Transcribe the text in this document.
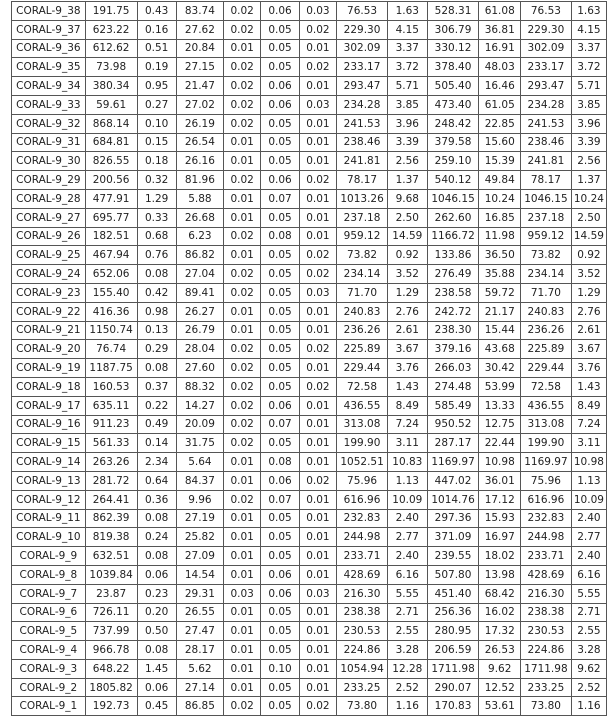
CORAL-9_38	191.75	0.43	83.74	0.02	0.06	0.03	76.53	1.63	528.31	61.08	76.53	1.63
CORAL-9_37	623.22	0.16	27.62	0.02	0.05	0.02	229.30	4.15	306.79	36.81	229.30	4.15
CORAL-9_36	612.62	0.51	20.84	0.01	0.05	0.01	302.09	3.37	330.12	16.91	302.09	3.37
CORAL-9_35	73.98	0.19	27.15	0.02	0.05	0.02	233.17	3.72	378.40	48.03	233.17	3.72
CORAL-9_34	380.34	0.95	21.47	0.02	0.06	0.01	293.47	5.71	505.40	16.46	293.47	5.71
CORAL-9_33	59.61	0.27	27.02	0.02	0.06	0.03	234.28	3.85	473.40	61.05	234.28	3.85
CORAL-9_32	868.14	0.10	26.19	0.02	0.05	0.01	241.53	3.96	248.42	22.85	241.53	3.96
CORAL-9_31	684.81	0.15	26.54	0.01	0.05	0.01	238.46	3.39	379.58	15.60	238.46	3.39
CORAL-9_30	826.55	0.18	26.16	0.01	0.05	0.01	241.81	2.56	259.10	15.39	241.81	2.56
CORAL-9_29	200.56	0.32	81.96	0.02	0.06	0.02	78.17	1.37	540.12	49.84	78.17	1.37
CORAL-9_28	477.91	1.29	5.88	0.01	0.07	0.01	1013.26	9.68	1046.15	10.24	1046.15	10.24
CORAL-9_27	695.77	0.33	26.68	0.01	0.05	0.01	237.18	2.50	262.60	16.85	237.18	2.50
CORAL-9_26	182.51	0.68	6.23	0.02	0.08	0.01	959.12	14.59	1166.72	11.98	959.12	14.59
CORAL-9_25	467.94	0.76	86.82	0.01	0.05	0.02	73.82	0.92	133.86	36.50	73.82	0.92
CORAL-9_24	652.06	0.08	27.04	0.02	0.05	0.02	234.14	3.52	276.49	35.88	234.14	3.52
CORAL-9_23	155.40	0.42	89.41	0.02	0.05	0.03	71.70	1.29	238.58	59.72	71.70	1.29
CORAL-9_22	416.36	0.98	26.27	0.01	0.05	0.01	240.83	2.76	242.72	21.17	240.83	2.76
CORAL-9_21	1150.74	0.13	26.79	0.01	0.05	0.01	236.26	2.61	238.30	15.44	236.26	2.61
CORAL-9_20	76.74	0.29	28.04	0.02	0.05	0.02	225.89	3.67	379.16	43.68	225.89	3.67
CORAL-9_19	1187.75	0.08	27.60	0.02	0.05	0.01	229.44	3.76	266.03	30.42	229.44	3.76
CORAL-9_18	160.53	0.37	88.32	0.02	0.05	0.02	72.58	1.43	274.48	53.99	72.58	1.43
CORAL-9_17	635.11	0.22	14.27	0.02	0.06	0.01	436.55	8.49	585.49	13.33	436.55	8.49
CORAL-9_16	911.23	0.49	20.09	0.02	0.07	0.01	313.08	7.24	950.52	12.75	313.08	7.24
CORAL-9_15	561.33	0.14	31.75	0.02	0.05	0.01	199.90	3.11	287.17	22.44	199.90	3.11
CORAL-9_14	263.26	2.34	5.64	0.01	0.08	0.01	1052.51	10.83	1169.97	10.98	1169.97	10.98
CORAL-9_13	281.72	0.64	84.37	0.01	0.06	0.02	75.96	1.13	447.02	36.01	75.96	1.13
CORAL-9_12	264.41	0.36	9.96	0.02	0.07	0.01	616.96	10.09	1014.76	17.12	616.96	10.09
CORAL-9_11	862.39	0.08	27.19	0.01	0.05	0.01	232.83	2.40	297.36	15.93	232.83	2.40
CORAL-9_10	819.38	0.24	25.82	0.01	0.05	0.01	244.98	2.77	371.09	16.97	244.98	2.77
CORAL-9_9	632.51	0.08	27.09	0.01	0.05	0.01	233.71	2.40	239.55	18.02	233.71	2.40
CORAL-9_8	1039.84	0.06	14.54	0.01	0.06	0.01	428.69	6.16	507.80	13.98	428.69	6.16
CORAL-9_7	23.87	0.23	29.31	0.03	0.06	0.03	216.30	5.55	451.40	68.42	216.30	5.55
CORAL-9_6	726.11	0.20	26.55	0.01	0.05	0.01	238.38	2.71	256.36	16.02	238.38	2.71
CORAL-9_5	737.99	0.50	27.47	0.01	0.05	0.01	230.53	2.55	280.95	17.32	230.53	2.55
CORAL-9_4	966.78	0.08	28.17	0.01	0.05	0.01	224.86	3.28	206.59	26.53	224.86	3.28
CORAL-9_3	648.22	1.45	5.62	0.01	0.10	0.01	1054.94	12.28	1711.98	9.62	1711.98	9.62
CORAL-9_2	1805.82	0.06	27.14	0.01	0.05	0.01	233.25	2.52	290.07	12.52	233.25	2.52
CORAL-9_1	192.73	0.45	86.85	0.02	0.05	0.02	73.80	1.16	170.83	53.61	73.80	1.16
